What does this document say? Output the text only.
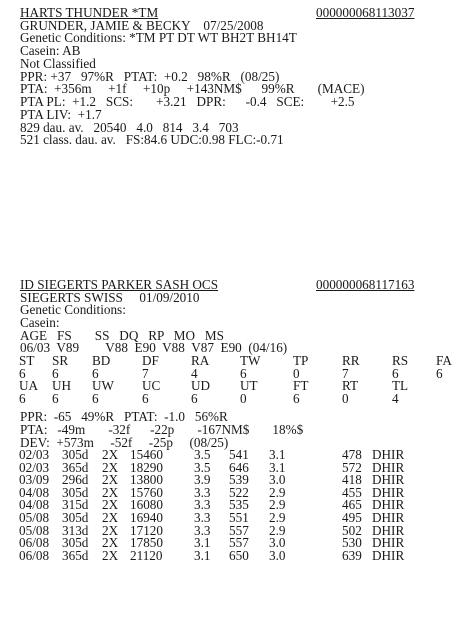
HARTS THUNDER *TM	000000068113037
GRUNDER, JAMIE & BECKY    07/25/2008
Genetic Conditions: *TM PT DT WT BH2T BH14T
Casein: AB
Not Classified
PPR: +37   97%R   PTAT:  +0.2   98%R   (08/25)
PTA:  +356m     +1f     +10p     +143NM$      99%R       (MACE)
PTA PL:  +1.2   SCS:       +3.21   DPR:      -0.4   SCE:        +2.5
PTA LIV:  +1.7
829 dau. av.   20540   4.0   814   3.4   703
521 class. dau. av.   FS:84.6 UDC:0.98 FLC:-0.71
ID SIEGERTS PARKER SASH OCS	000000068117163
SIEGERTS SWISS     01/09/2010
Genetic Conditions:
Casein:
AGE   FS       SS   DQ   RP   MO   MS
06/03  V89        V88  E90  V88  V87  E90  (04/16)
ST	SR	BD	DF	RA	TW	TP	RR	RS	FA
6	6	6	7	4	6	0	7	6	6
UA	UH	UW	UC	UD	UT	FT	RT	TL	
6	6	6	6	6	0	6	0	4	
PPR:  -65   49%R   PTAT:  -1.0   56%R
PTA:   -49m       -32f      -22p       -167NM$       18%$
DEV:  +573m     -52f     -25p     (08/25)
02/03	305d	2X	15460	3.5	541	3.1	478	DHIR
02/03	365d	2X	18290	3.5	646	3.1	572	DHIR
03/09	296d	2X	13800	3.9	539	3.0	418	DHIR
04/08	305d	2X	15760	3.3	522	2.9	455	DHIR
04/08	315d	2X	16080	3.3	535	2.9	465	DHIR
05/08	305d	2X	16940	3.3	551	2.9	495	DHIR
05/08	313d	2X	17120	3.3	557	2.9	502	DHIR
06/08	305d	2X	17850	3.1	557	3.0	530	DHIR
06/08	365d	2X	21120	3.1	650	3.0	639	DHIR
